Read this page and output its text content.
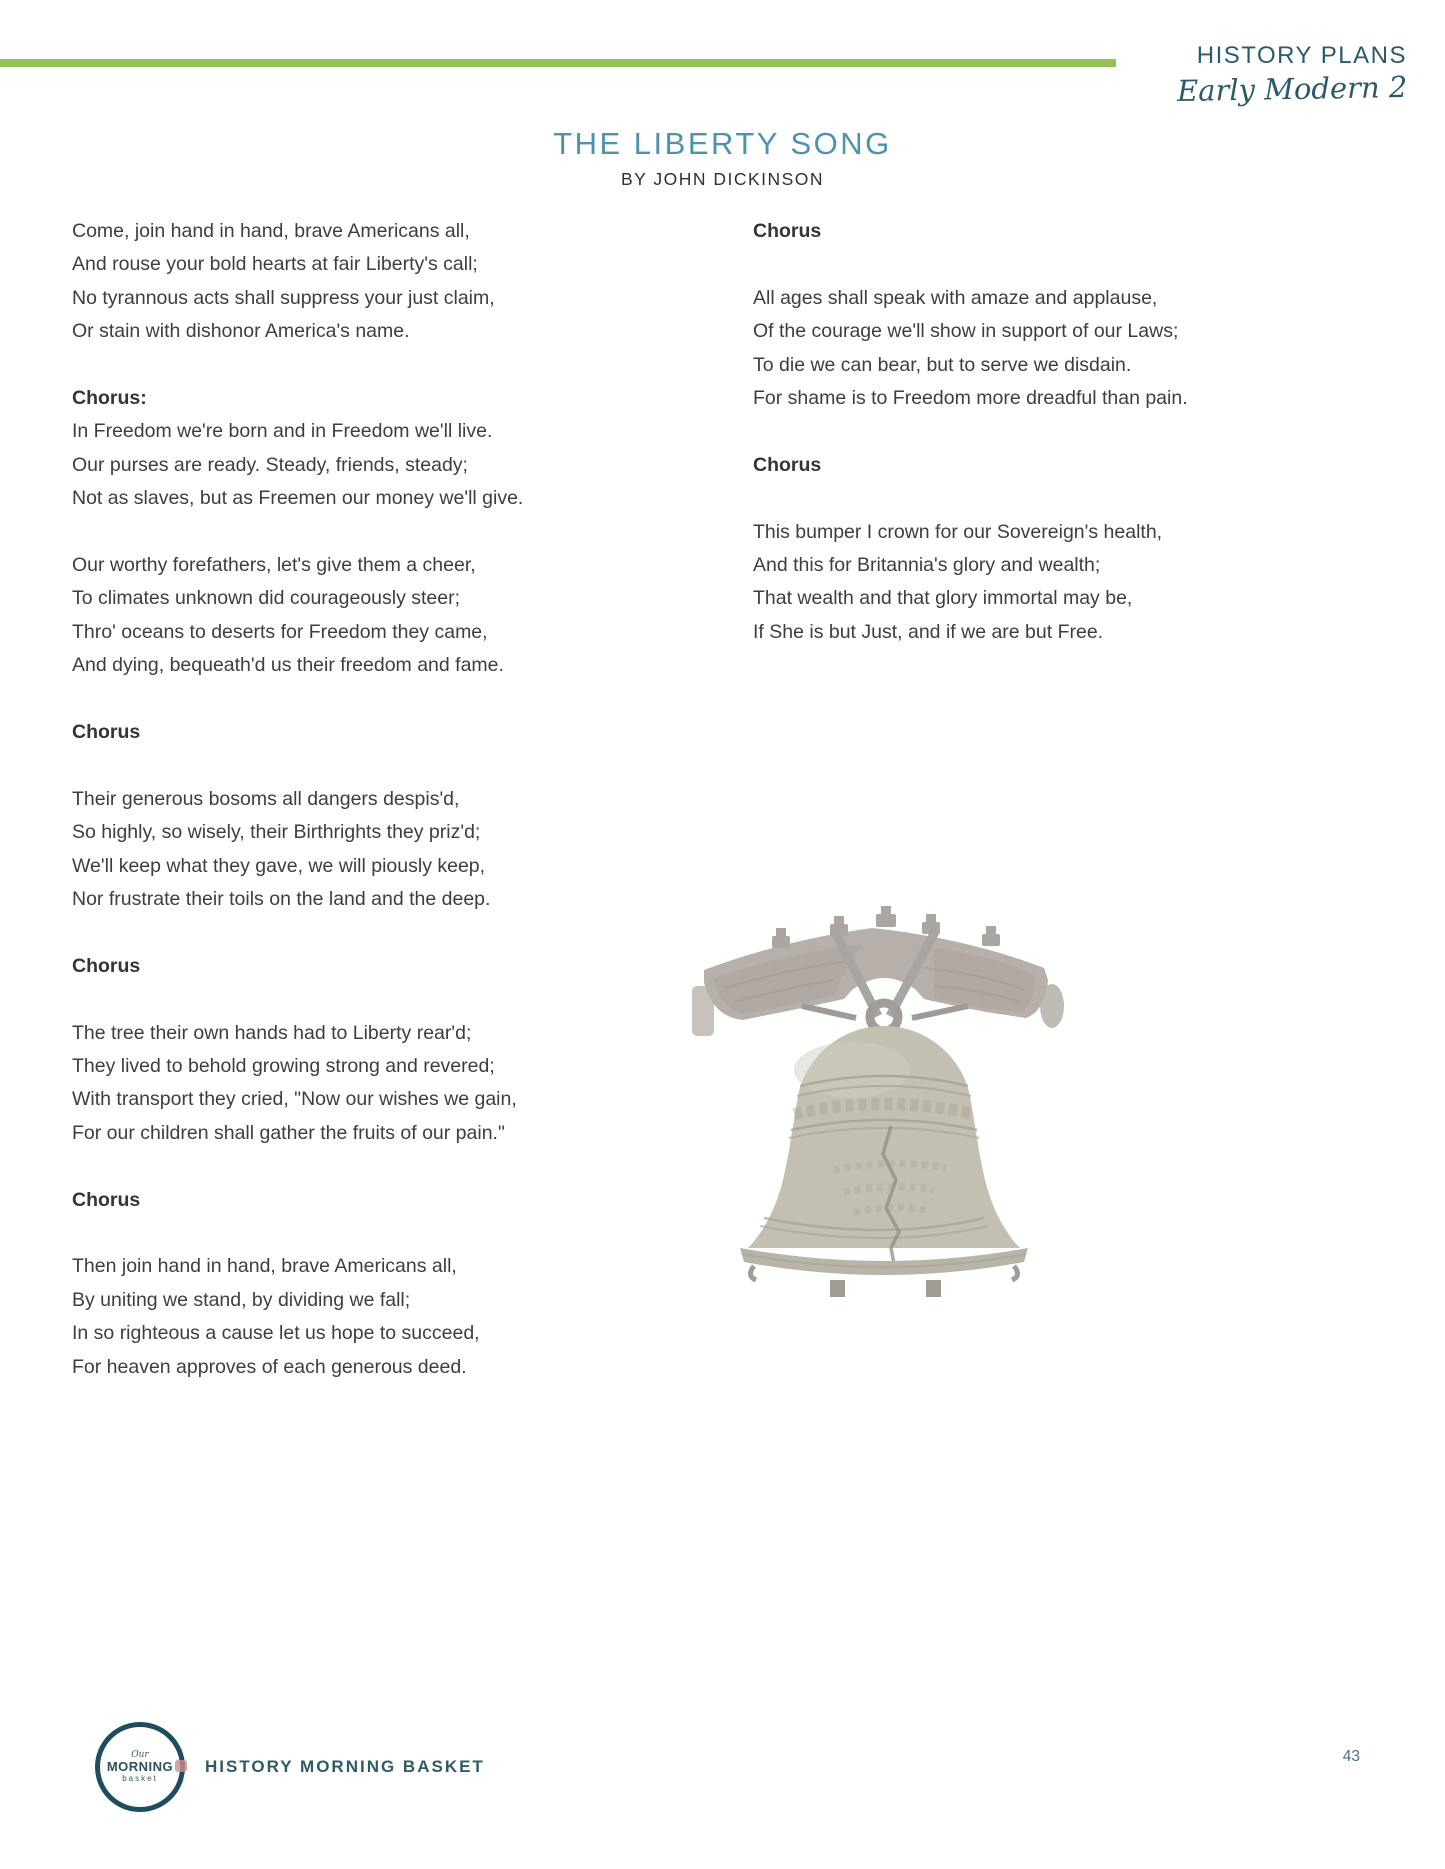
HISTORY PLANS
Early Modern 2
THE LIBERTY SONG
BY JOHN DICKINSON
Come, join hand in hand, brave Americans all,
And rouse your bold hearts at fair Liberty's call;
No tyrannous acts shall suppress your just claim,
Or stain with dishonor America's name.
Chorus:
In Freedom we're born and in Freedom we'll live.
Our purses are ready. Steady, friends, steady;
Not as slaves, but as Freemen our money we'll give.
Our worthy forefathers, let's give them a cheer,
To climates unknown did courageously steer;
Thro' oceans to deserts for Freedom they came,
And dying, bequeath'd us their freedom and fame.
Chorus
Their generous bosoms all dangers despis'd,
So highly, so wisely, their Birthrights they priz'd;
We'll keep what they gave, we will piously keep,
Nor frustrate their toils on the land and the deep.
Chorus
The tree their own hands had to Liberty rear'd;
They lived to behold growing strong and revered;
With transport they cried, "Now our wishes we gain,
For our children shall gather the fruits of our pain."
Chorus
Then join hand in hand, brave Americans all,
By uniting we stand, by dividing we fall;
In so righteous a cause let us hope to succeed,
For heaven approves of each generous deed.
Chorus
All ages shall speak with amaze and applause,
Of the courage we'll show in support of our Laws;
To die we can bear, but to serve we disdain.
For shame is to Freedom more dreadful than pain.
Chorus
This bumper I crown for our Sovereign's health,
And this for Britannia's glory and wealth;
That wealth and that glory immortal may be,
If She is but Just, and if we are but Free.
Our
MORNING
basket
HISTORY MORNING BASKET
43
